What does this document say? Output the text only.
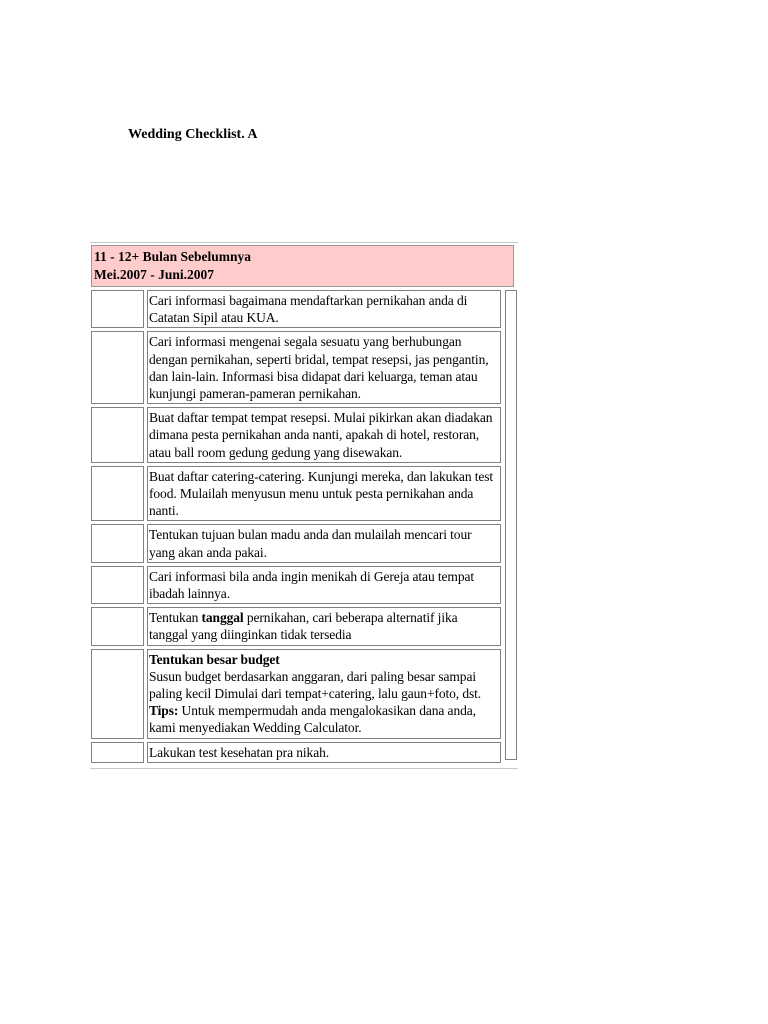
Wedding Checklist. A
11 - 12+ Bulan Sebelumnya
Mei.2007 - Juni.2007
Cari informasi bagaimana mendaftarkan pernikahan anda di Catatan Sipil atau KUA.
Cari informasi mengenai segala sesuatu yang berhubungan dengan pernikahan, seperti bridal, tempat resepsi, jas pengantin, dan lain-lain. Informasi bisa didapat dari keluarga, teman atau kunjungi pameran-pameran pernikahan.
Buat daftar tempat tempat resepsi. Mulai pikirkan akan diadakan dimana pesta pernikahan anda nanti, apakah di hotel, restoran, atau ball room gedung gedung yang disewakan.
Buat daftar catering-catering. Kunjungi mereka, dan lakukan test food. Mulailah menyusun menu untuk pesta pernikahan anda nanti.
Tentukan tujuan bulan madu anda dan mulailah mencari tour yang akan anda pakai.
Cari informasi bila anda ingin menikah di Gereja atau tempat ibadah lainnya.
Tentukan tanggal pernikahan, cari beberapa alternatif jika tanggal yang diinginkan tidak tersedia
Tentukan besar budget
Susun budget berdasarkan anggaran, dari paling besar sampai paling kecil Dimulai dari tempat+catering, lalu gaun+foto, dst.
Tips: Untuk mempermudah anda mengalokasikan dana anda, kami menyediakan Wedding Calculator.
Lakukan test kesehatan pra nikah.
